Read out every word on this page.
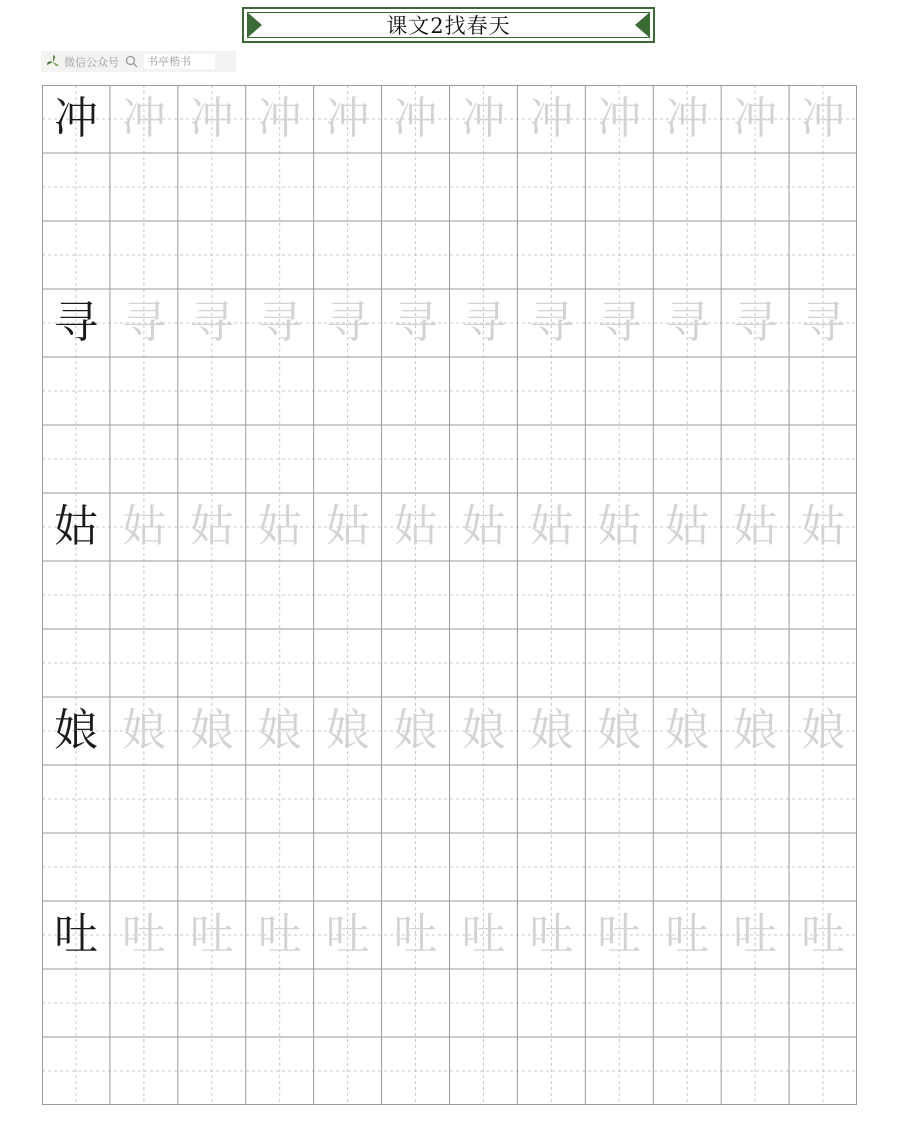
课文2找春天
微信公众号	书亭楷书
冲 冲 冲 冲 冲 冲 冲 冲 冲 冲 冲 冲
寻 寻 寻 寻 寻 寻 寻 寻 寻 寻 寻 寻
姑 姑 姑 姑 姑 姑 姑 姑 姑 姑 姑 姑
娘 娘 娘 娘 娘 娘 娘 娘 娘 娘 娘 娘
吐 吐 吐 吐 吐 吐 吐 吐 吐 吐 吐 吐
